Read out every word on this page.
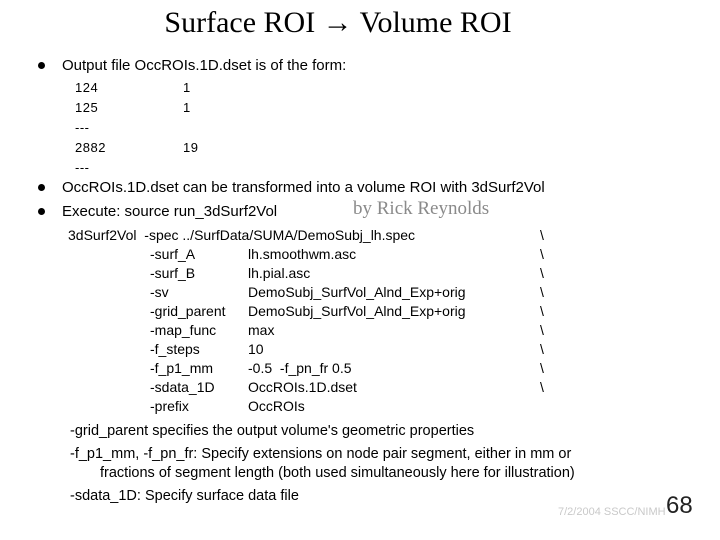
Surface ROI → Volume ROI
Output file OccROIs.1D.dset is of the form:
124	1
125	1
---
2882	19
---
OccROIs.1D.dset can be transformed into a volume ROI with 3dSurf2Vol
Execute: source run_3dSurf2Vol	by Rick Reynolds
3dSurf2Vol  -spec ../SurfData/SUMA/DemoSubj_lh.spec	\
-surf_A	lh.smoothwm.asc	\
-surf_B	lh.pial.asc	\
-sv	DemoSubj_SurfVol_Alnd_Exp+orig	\
-grid_parent DemoSubj_SurfVol_Alnd_Exp+orig	\
-map_func max	\
-f_steps	10	\
-f_p1_mm -0.5  -f_pn_fr 0.5	\
-sdata_1D OccROIs.1D.dset	\
-prefix	OccROIs
-grid_parent specifies the output volume's geometric properties
-f_p1_mm, -f_pn_fr: Specify extensions on node pair segment, either in mm or
fractions of segment length (both used simultaneously here for illustration)
-sdata_1D: Specify surface data file
7/2/2004 SSCC/NIMH 68
